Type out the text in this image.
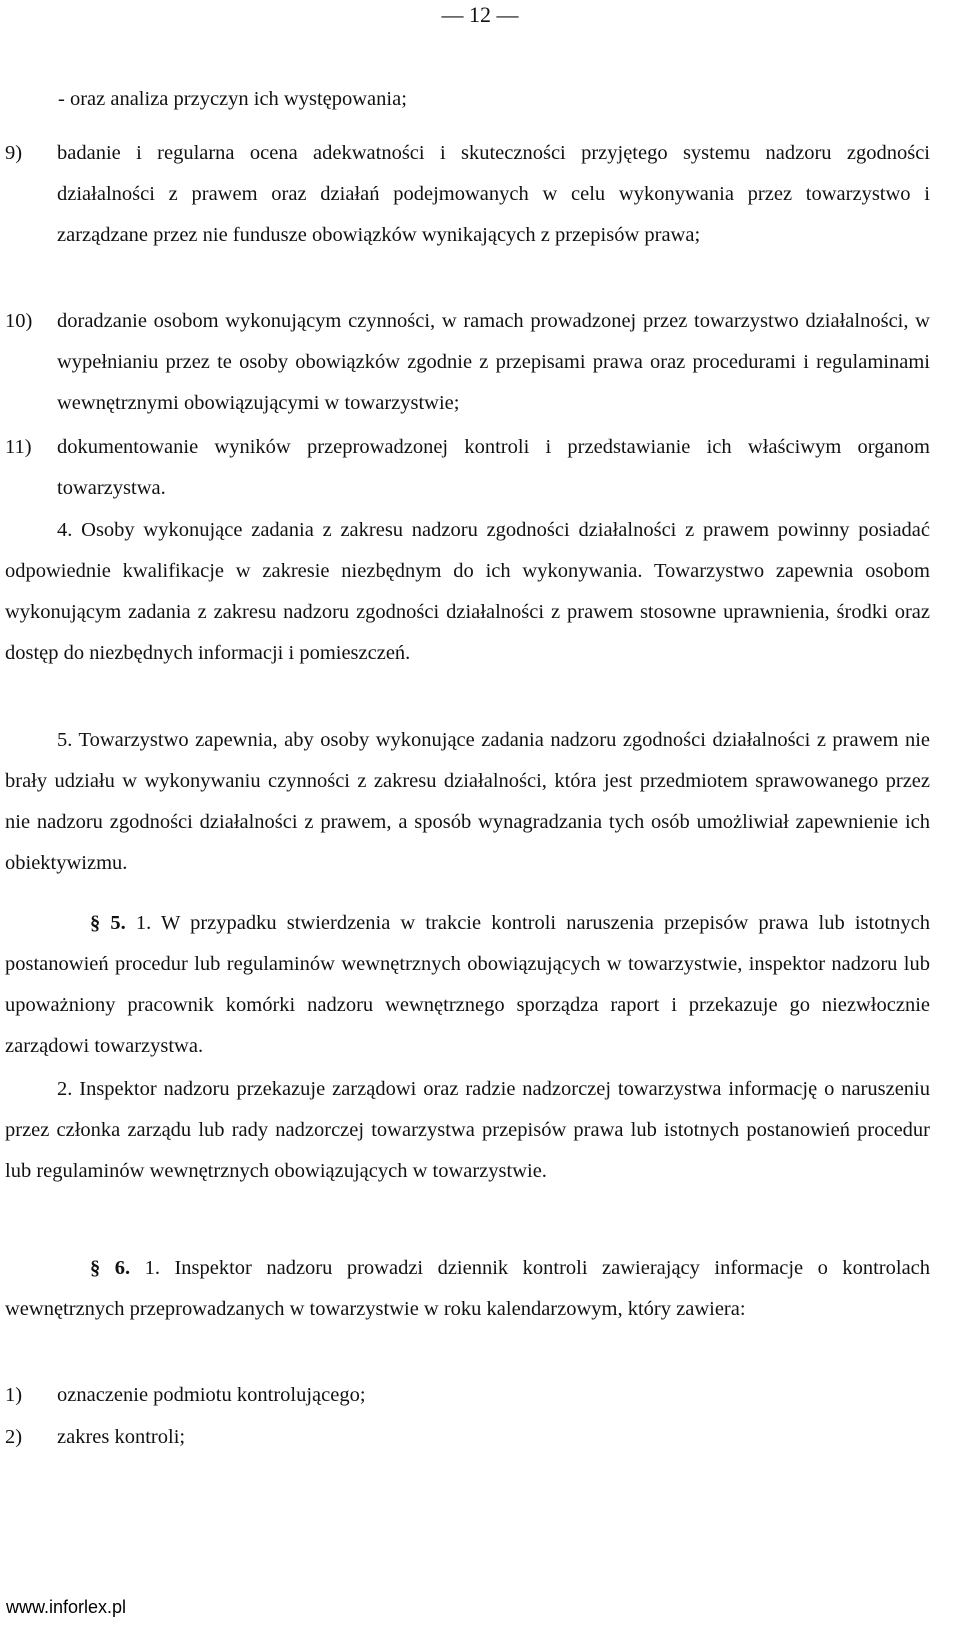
— 12 —

- oraz analiza przyczyn ich występowania;

9) badanie i regularna ocena adekwatności i skuteczności przyjętego systemu nadzoru zgodności działalności z prawem oraz działań podejmowanych w celu wykonywania przez towarzystwo i zarządzane przez nie fundusze obowiązków wynikających z przepisów prawa;
10) doradzanie osobom wykonującym czynności, w ramach prowadzonej przez towarzystwo działalności, w wypełnianiu przez te osoby obowiązków zgodnie z przepisami prawa oraz procedurami i regulaminami wewnętrznymi obowiązującymi w towarzystwie;
11) dokumentowanie wyników przeprowadzonej kontroli i przedstawianie ich właściwym organom towarzystwa.

4. Osoby wykonujące zadania z zakresu nadzoru zgodności działalności z prawem powinny posiadać odpowiednie kwalifikacje w zakresie niezbędnym do ich wykonywania. Towarzystwo zapewnia osobom wykonującym zadania z zakresu nadzoru zgodności działalności z prawem stosowne uprawnienia, środki oraz dostęp do niezbędnych informacji i pomieszczeń.

5. Towarzystwo zapewnia, aby osoby wykonujące zadania nadzoru zgodności działalności z prawem nie brały udziału w wykonywaniu czynności z zakresu działalności, która jest przedmiotem sprawowanego przez nie nadzoru zgodności działalności z prawem, a sposób wynagradzania tych osób umożliwiał zapewnienie ich obiektywizmu.

§ 5. 1. W przypadku stwierdzenia w trakcie kontroli naruszenia przepisów prawa lub istotnych postanowień procedur lub regulaminów wewnętrznych obowiązujących w towarzystwie, inspektor nadzoru lub upoważniony pracownik komórki nadzoru wewnętrznego sporządza raport i przekazuje go niezwłocznie zarządowi towarzystwa.

2. Inspektor nadzoru przekazuje zarządowi oraz radzie nadzorczej towarzystwa informację o naruszeniu przez członka zarządu lub rady nadzorczej towarzystwa przepisów prawa lub istotnych postanowień procedur lub regulaminów wewnętrznych obowiązujących w towarzystwie.

§ 6. 1. Inspektor nadzoru prowadzi dziennik kontroli zawierający informacje o kontrolach wewnętrznych przeprowadzanych w towarzystwie w roku kalendarzowym, który zawiera:

1) oznaczenie podmiotu kontrolującego;
2) zakres kontroli;
www.inforlex.pl
